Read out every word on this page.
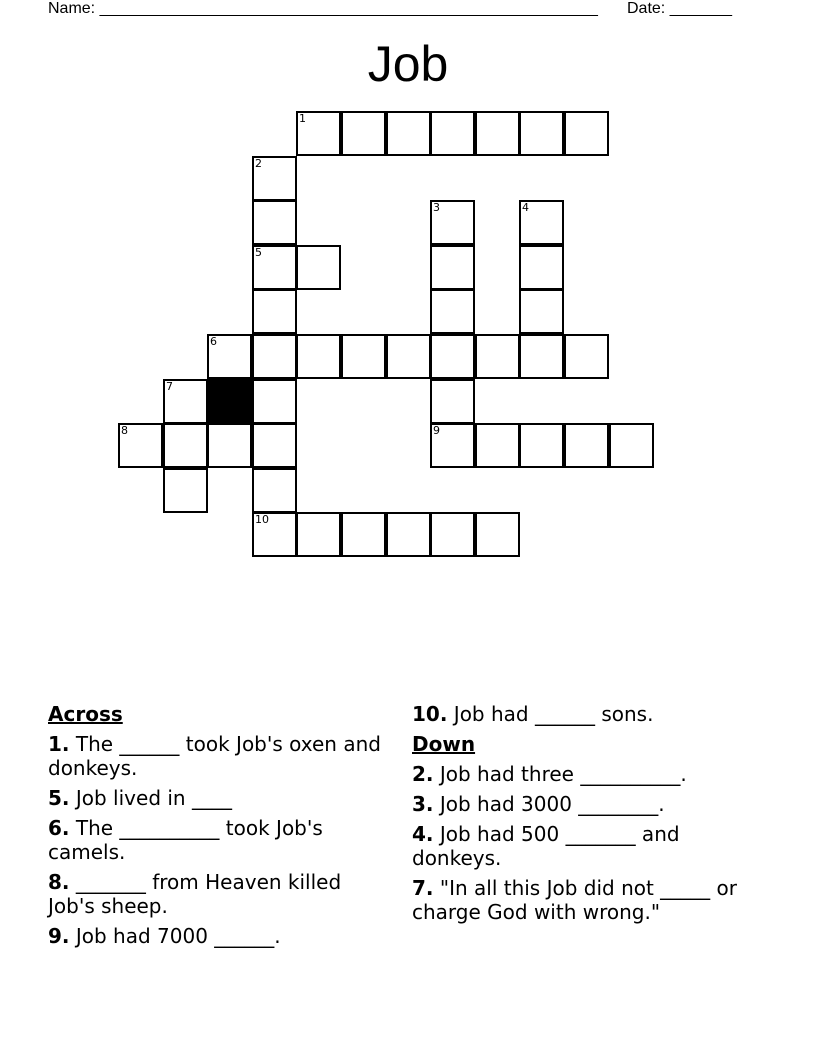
Name: ________________________________________________________ Date: _______
Job
1
2
3	4
5
6
7
8	9
10
Across
1. The ______ took Job's oxen and donkeys.
5. Job lived in ____
6. The __________ took Job's camels.
8. _______ from Heaven killed Job's sheep.
9. Job had 7000 ______.
10. Job had ______ sons.
Down
2. Job had three __________.
3. Job had 3000 ________.
4. Job had 500 _______ and donkeys.
7. "In all this Job did not _____ or charge God with wrong."
